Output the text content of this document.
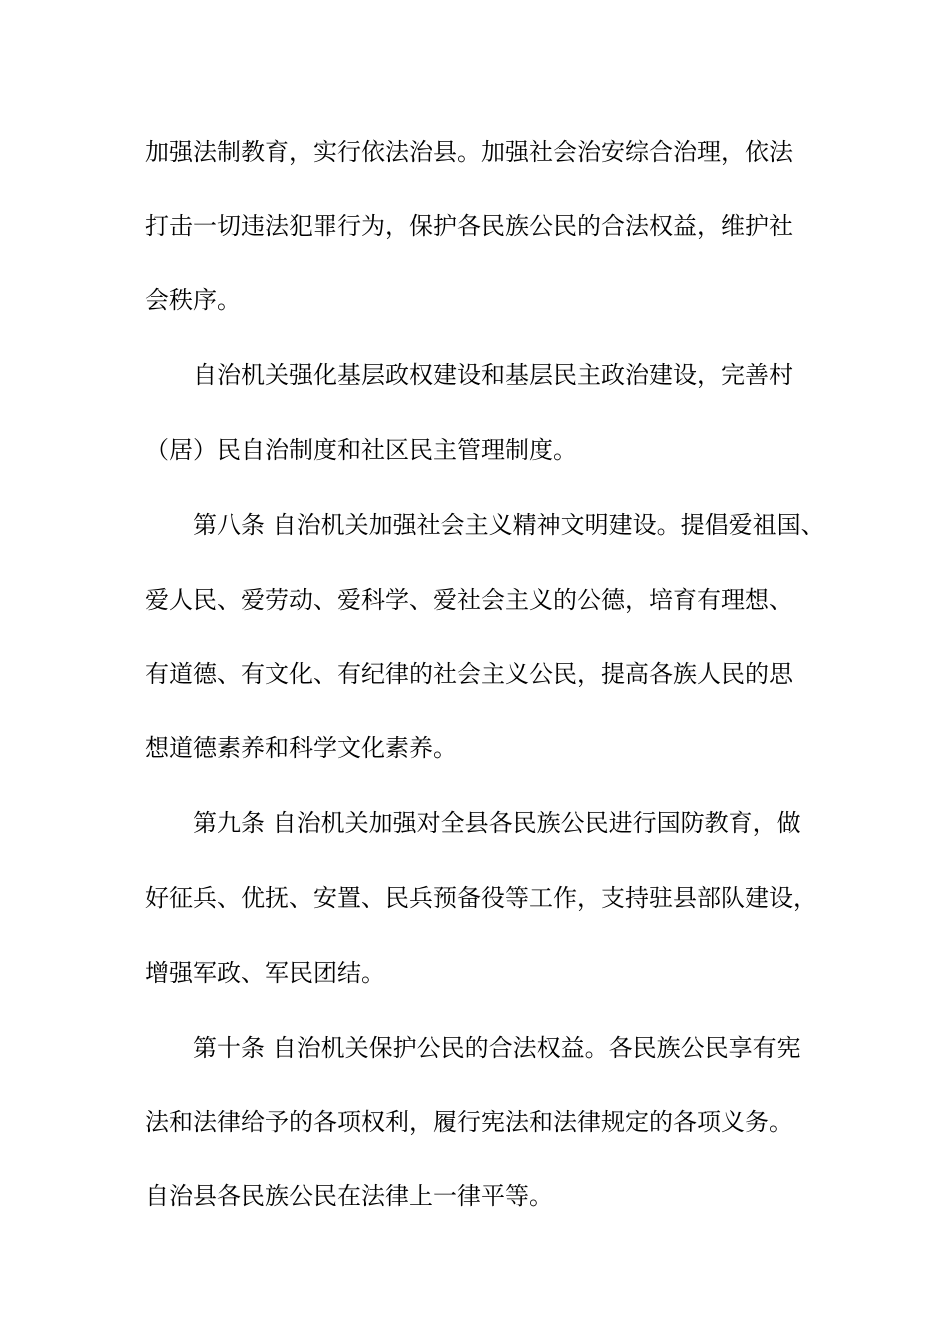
加强法制教育，实行依法治县。加强社会治安综合治理，依法
打击一切违法犯罪行为，保护各民族公民的合法权益，维护社
会秩序。
自治机关强化基层政权建设和基层民主政治建设，完善村
（居）民自治制度和社区民主管理制度。
第八条 自治机关加强社会主义精神文明建设。提倡爱祖国、
爱人民、爱劳动、爱科学、爱社会主义的公德，培育有理想、
有道德、有文化、有纪律的社会主义公民，提高各族人民的思
想道德素养和科学文化素养。
第九条 自治机关加强对全县各民族公民进行国防教育，做
好征兵、优抚、安置、民兵预备役等工作，支持驻县部队建设，
增强军政、军民团结。
第十条 自治机关保护公民的合法权益。各民族公民享有宪
法和法律给予的各项权利，履行宪法和法律规定的各项义务。
自治县各民族公民在法律上一律平等。
